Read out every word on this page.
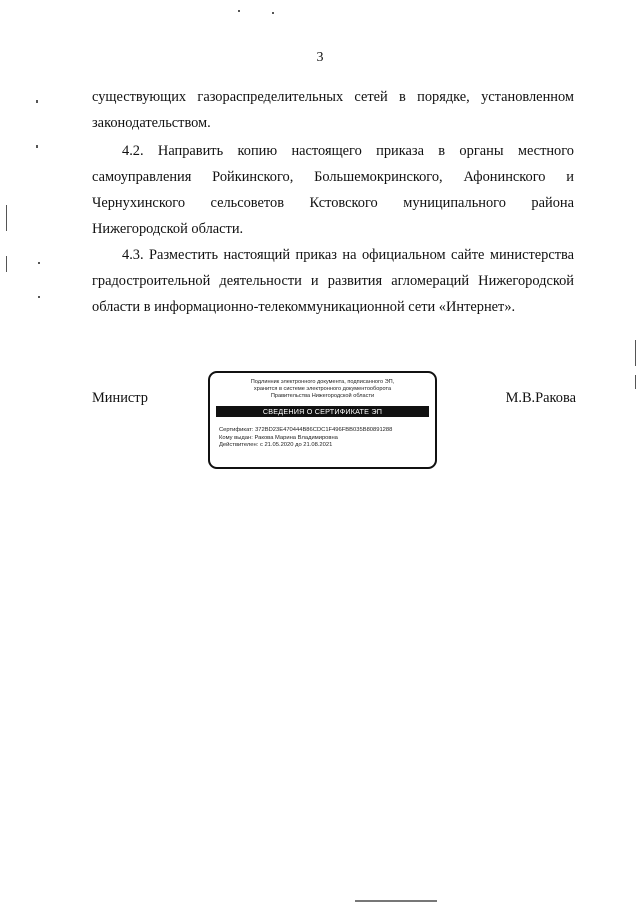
3
существующих газораспределительных сетей в порядке, установленном
законодательством.
4.2. Направить копию настоящего приказа в органы местного
самоуправления Ройкинского, Большемокринского, Афонинского и
Чернухинского сельсоветов Кстовского муниципального района
Нижегородской области.
4.3. Разместить настоящий приказ на официальном сайте министерства
градостроительной деятельности и развития агломераций Нижегородской
области в информационно-телекоммуникационной сети «Интернет».
Министр	М.В.Ракова
Подлинник электронного документа, подписанного ЭП,
хранится в системе электронного документооборота
Правительства Нижегородской области
СВЕДЕНИЯ О СЕРТИФИКАТЕ ЭП
Сертификат: 372BD23E470444B86CDC1F496FBB035B80891288
Кому выдан: Ракова Марина Владимировна
Действителен: с 21.05.2020 до 21.08.2021
